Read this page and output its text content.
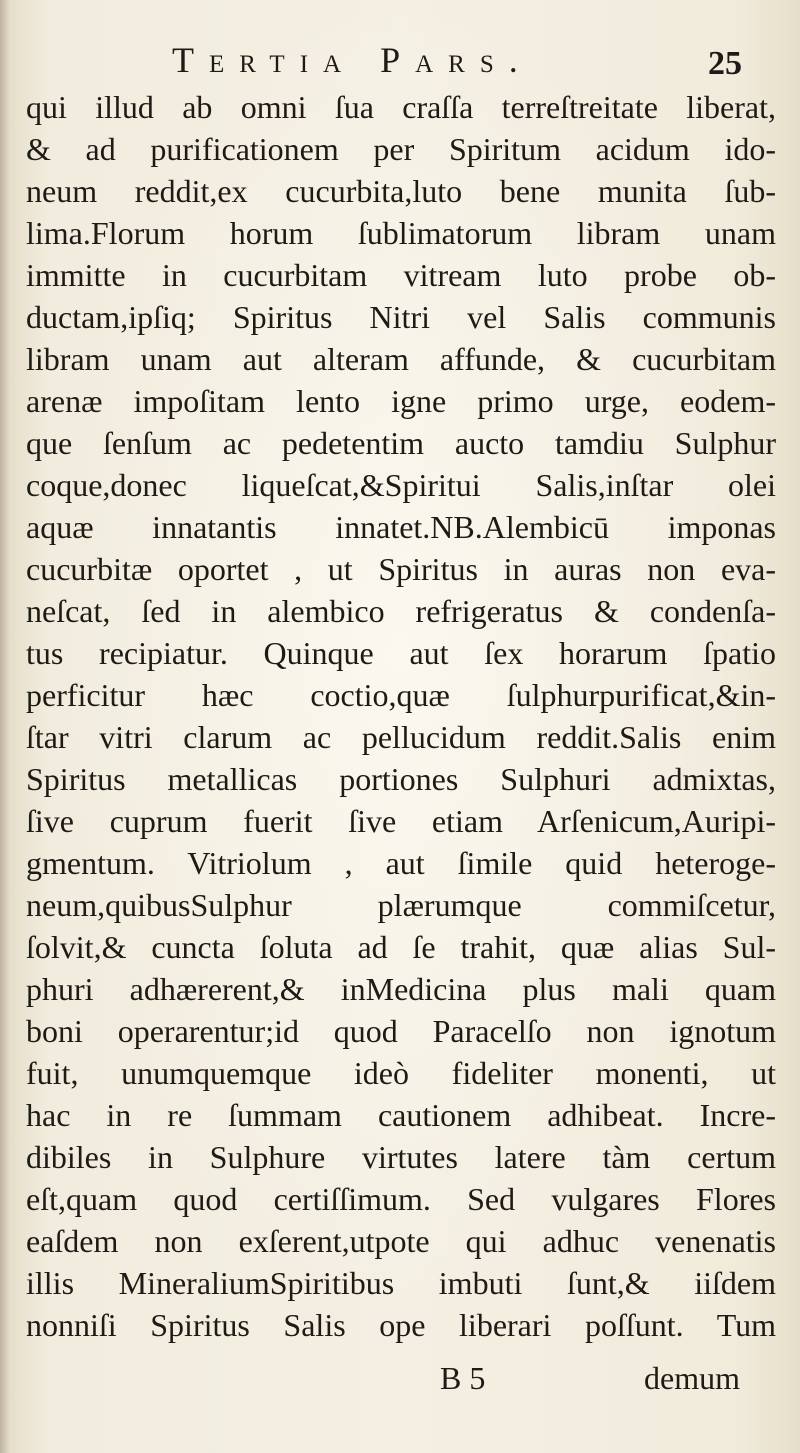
Tertia Pars.	25
qui illud ab omni ſua craſſa terreſtreitate liberat,
& ad purificationem per Spiritum acidum ido-
neum reddit,ex cucurbita,luto bene munita ſub-
lima.Florum horum ſublimatorum libram unam
immitte in cucurbitam vitream luto probe ob-
ductam,ipſiq; Spiritus Nitri vel Salis communis
libram unam aut alteram affunde, & cucurbitam
arenæ impoſitam lento igne primo urge, eodem-
que ſenſum ac pedetentim aucto tamdiu Sulphur
coque,donec liqueſcat,&Spiritui Salis,inſtar olei
aquæ innatantis innatet.NB.Alembicū imponas
cucurbitæ oportet , ut Spiritus in auras non eva-
neſcat, ſed in alembico refrigeratus & condenſa-
tus recipiatur. Quinque aut ſex horarum ſpatio
perficitur hæc coctio,quæ ſulphurpurificat,&in-
ſtar vitri clarum ac pellucidum reddit.Salis enim
Spiritus metallicas portiones Sulphuri admixtas,
ſive cuprum fuerit ſive etiam Arſenicum,Auripi-
gmentum. Vitriolum , aut ſimile quid heteroge-
neum,quibusSulphur plærumque commiſcetur,
ſolvit,& cuncta ſoluta ad ſe trahit, quæ alias Sul-
phuri adhærerent,& inMedicina plus mali quam
boni operarentur;id quod Paracelſo non ignotum
fuit, unumquemque ideò fideliter monenti, ut
hac in re ſummam cautionem adhibeat. Incre-
dibiles in Sulphure virtutes latere tàm certum
eſt,quam quod certiſſimum. Sed vulgares Flores
eaſdem non exſerent,utpote qui adhuc venenatis
illis MineraliumSpiritibus imbuti ſunt,& iiſdem
nonniſi Spiritus Salis ope liberari poſſunt. Tum
B 5	demum
